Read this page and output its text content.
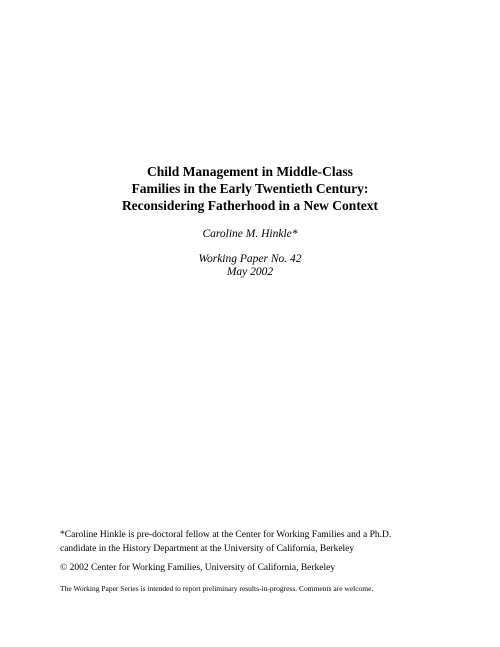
Child Management in Middle-Class
Families in the Early Twentieth Century:
Reconsidering Fatherhood in a New Context
Caroline M. Hinkle*
Working Paper No. 42
May 2002
*Caroline Hinkle is pre-doctoral fellow at the Center for Working Families and a Ph.D.
candidate in the History Department at the University of California, Berkeley
© 2002 Center for Working Families, University of California, Berkeley
The Working Paper Series is intended to report preliminary results-in-progress. Comments are welcome.
